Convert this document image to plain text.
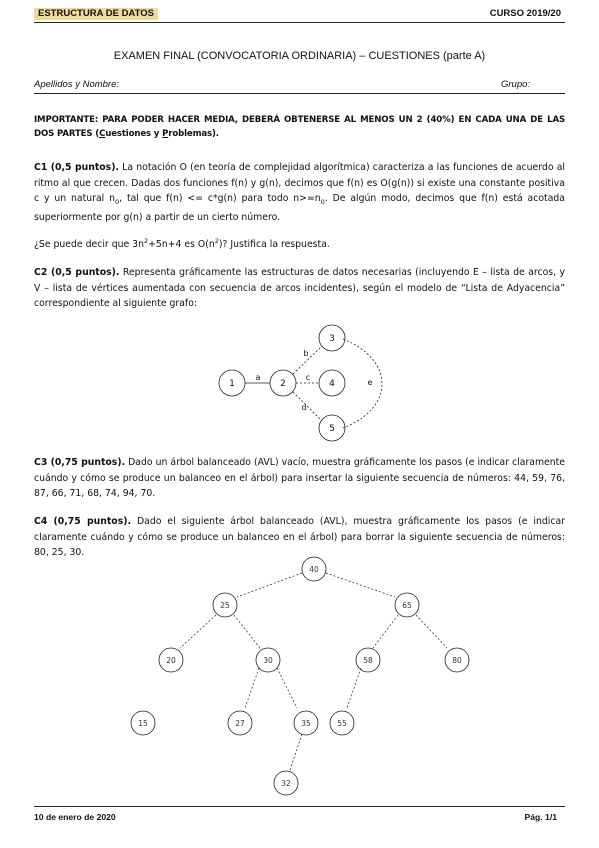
ESTRUCTURA DE DATOS	CURSO 2019/20
EXAMEN FINAL (CONVOCATORIA ORDINARIA) – CUESTIONES (parte A)
Apellidos y Nombre:	Grupo:
IMPORTANTE: PARA PODER HACER MEDIA, DEBERÁ OBTENERSE AL MENOS UN 2 (40%) EN CADA UNA DE LAS DOS PARTES (Cuestiones y Problemas).
C1 (0,5 puntos). La notación O (en teoría de complejidad algorítmica) caracteriza a las funciones de acuerdo al ritmo al que crecen. Dadas dos funciones f(n) y g(n), decimos que f(n) es O(g(n)) si existe una constante positiva c y un natural $n_0$, tal que f(n) <= c*g(n) para todo $n>=n_0$. De algún modo, decimos que f(n) está acotada superiormente por g(n) a partir de un cierto número.
¿Se puede decir que $3n^2+5n+4$ es $O(n^2)$? Justifica la respuesta.
C2 (0,5 puntos). Representa gráficamente las estructuras de datos necesarias (incluyendo E – lista de arcos, y V – lista de vértices aumentada con secuencia de arcos incidentes), según el modelo de “Lista de Adyacencia” correspondiente al siguiente grafo:
1	2
3
4
5
a
b
c
d
e
40
25	65
20	30	58	80
15	27	35	55
32
C3 (0,75 puntos). Dado un árbol balanceado (AVL) vacío, muestra gráficamente los pasos (e indicar claramente cuándo y cómo se produce un balanceo en el árbol) para insertar la siguiente secuencia de números: 44, 59, 76, 87, 66, 71, 68, 74, 94, 70.
C4 (0,75 puntos). Dado el siguiente árbol balanceado (AVL), muestra gráficamente los pasos (e indicar claramente cuándo y cómo se produce un balanceo en el árbol) para borrar la siguiente secuencia de números: 80, 25, 30.
10 de enero de 2020	Pág. 1/1
